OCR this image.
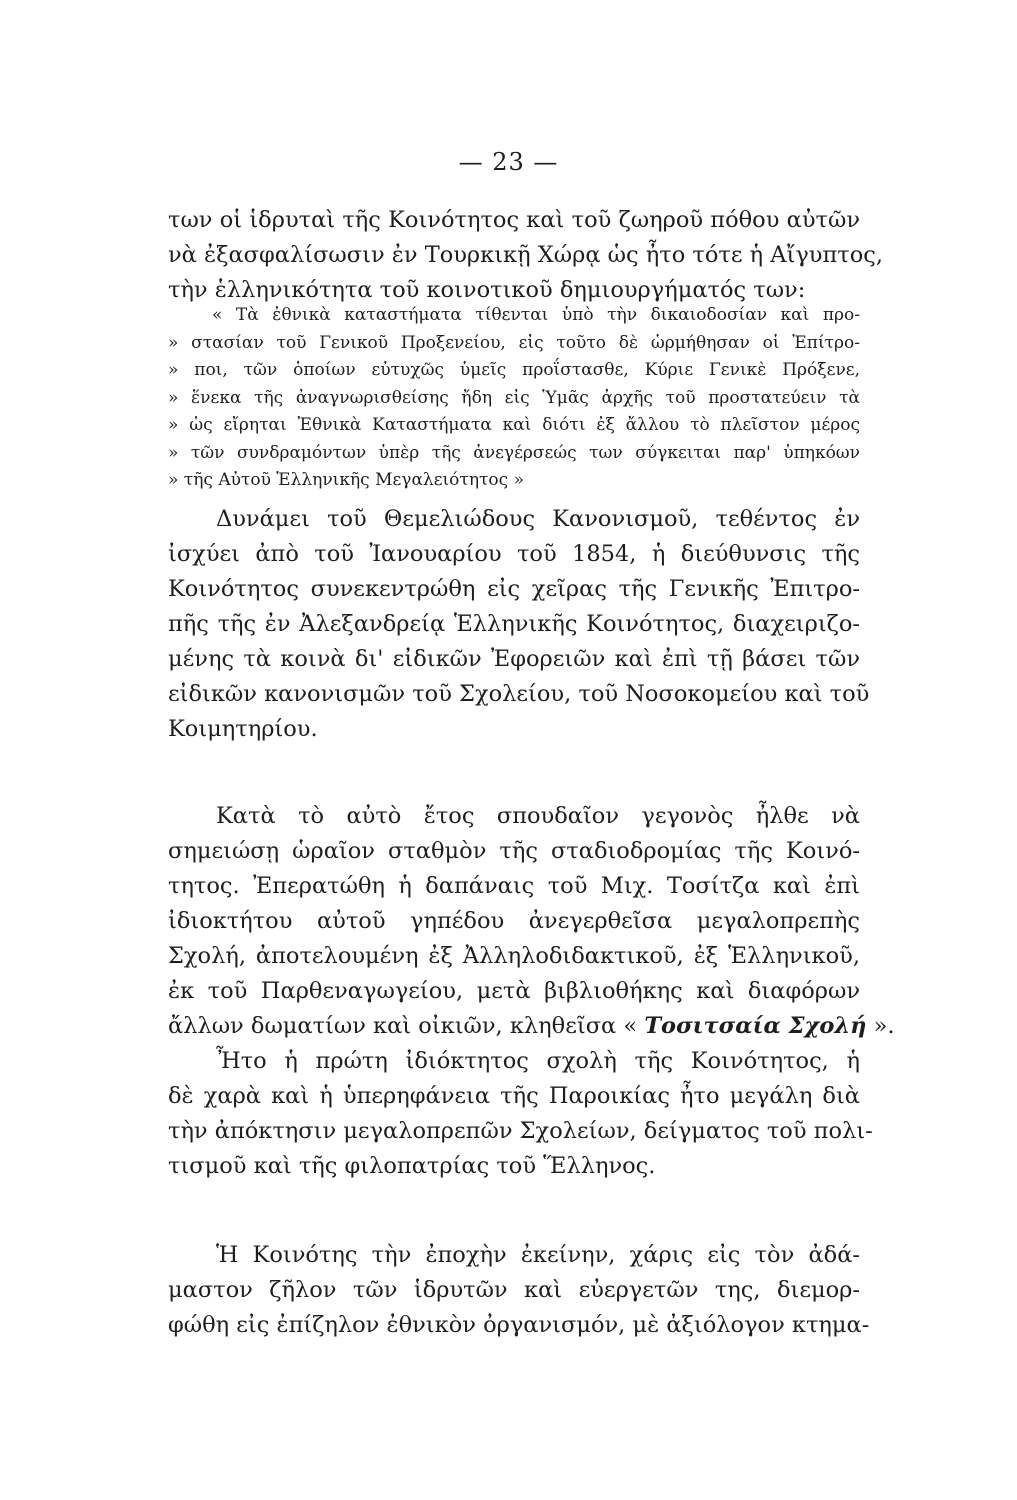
— 23 —
των οἱ ἱδρυταὶ τῆς Κοινότητος καὶ τοῦ ζωηροῦ πόθου αὐτῶν
νὰ ἐξασφαλίσωσιν ἐν Τουρκικῇ Χώρᾳ ὡς ἦτο τότε ἡ Αἴγυπτος,
τὴν ἑλληνικότητα τοῦ κοινοτικοῦ δημιουργήματός των:
« Τὰ ἐθνικὰ καταστήματα τίθενται ὑπὸ τὴν δικαιοδοσίαν καὶ προ-
» στασίαν τοῦ Γενικοῦ Προξενείου, εἰς τοῦτο δὲ ὡρμήθησαν οἱ Ἐπίτρο-
» ποι, τῶν ὁποίων εὐτυχῶς ὑμεῖς προΐστασθε, Κύριε Γενικὲ Πρόξενε,
» ἕνεκα τῆς ἀναγνωρισθείσης ἤδη εἰς Ὑμᾶς ἀρχῆς τοῦ προστατεύειν τὰ
» ὡς εἴρηται Ἐθνικὰ Καταστήματα καὶ διότι ἐξ ἄλλου τὸ πλεῖστον μέρος
» τῶν συνδραμόντων ὑπὲρ τῆς ἀνεγέρσεώς των σύγκειται παρ' ὑπηκόων
» τῆς Αὐτοῦ Ἑλληνικῆς Μεγαλειότητος »
Δυνάμει τοῦ Θεμελιώδους Κανονισμοῦ, τεθέντος ἐν
ἰσχύει ἀπὸ τοῦ Ἰανουαρίου τοῦ 1854, ἡ διεύθυνσις τῆς
Κοινότητος συνεκεντρώθη εἰς χεῖρας τῆς Γενικῆς Ἐπιτρο-
πῆς τῆς ἐν Ἀλεξανδρείᾳ Ἑλληνικῆς Κοινότητος, διαχειριζο-
μένης τὰ κοινὰ δι' εἰδικῶν Ἐφορειῶν καὶ ἐπὶ τῇ βάσει τῶν
εἰδικῶν κανονισμῶν τοῦ Σχολείου, τοῦ Νοσοκομείου καὶ τοῦ
Κοιμητηρίου.
Κατὰ τὸ αὐτὸ ἔτος σπουδαῖον γεγονὸς ἦλθε νὰ
σημειώσῃ ὡραῖον σταθμὸν τῆς σταδιοδρομίας τῆς Κοινό-
τητος. Ἐπερατώθη ἡ δαπάναις τοῦ Μιχ. Τοσίτζα καὶ ἐπὶ
ἰδιοκτήτου αὐτοῦ γηπέδου ἀνεγερθεῖσα μεγαλοπρεπὴς
Σχολή, ἀποτελουμένη ἐξ Ἀλληλοδιδακτικοῦ, ἐξ Ἑλληνικοῦ,
ἐκ τοῦ Παρθεναγωγείου, μετὰ βιβλιοθήκης καὶ διαφόρων
ἄλλων δωματίων καὶ οἰκιῶν, κληθεῖσα « Τοσιτσαία Σχολή ».
Ἦτο ἡ πρώτη ἰδιόκτητος σχολὴ τῆς Κοινότητος, ἡ
δὲ χαρὰ καὶ ἡ ὑπερηφάνεια τῆς Παροικίας ἦτο μεγάλη διὰ
τὴν ἀπόκτησιν μεγαλοπρεπῶν Σχολείων, δείγματος τοῦ πολι-
τισμοῦ καὶ τῆς φιλοπατρίας τοῦ Ἕλληνος.
Ἡ Κοινότης τὴν ἐποχὴν ἐκείνην, χάρις εἰς τὸν ἀδά-
μαστον ζῆλον τῶν ἱδρυτῶν καὶ εὐεργετῶν της, διεμορ-
φώθη εἰς ἐπίζηλον ἐθνικὸν ὀργανισμόν, μὲ ἀξιόλογον κτημα-
